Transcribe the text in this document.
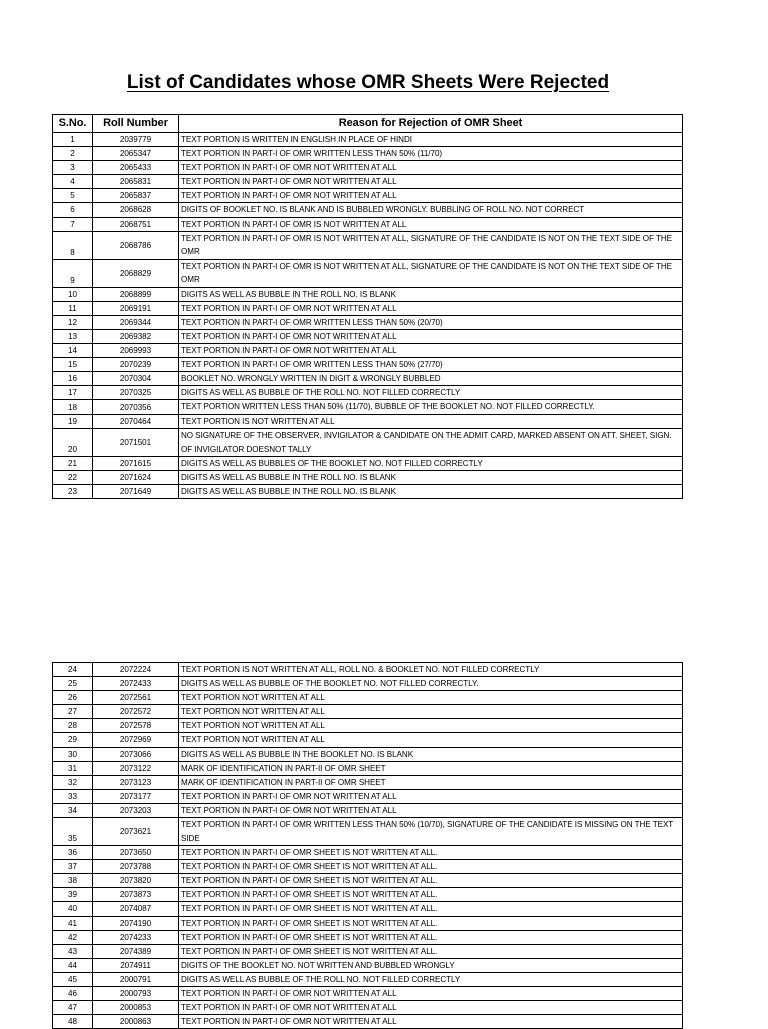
List of Candidates whose OMR Sheets Were Rejected
S.No.	Roll Number	Reason for Rejection of OMR Sheet
1	2039779	TEXT PORTION IS WRITTEN IN ENGLISH IN PLACE OF HINDI
2	2065347	TEXT PORTION IN PART-I OF OMR WRITTEN LESS THAN 50% (11/70)
3	2065433	TEXT PORTION IN PART-I OF OMR NOT WRITTEN AT ALL
4	2065831	TEXT PORTION IN PART-I OF OMR NOT WRITTEN AT ALL
5	2065837	TEXT PORTION IN PART-I OF OMR NOT WRITTEN AT ALL
6	2068628	DIGITS OF BOOKLET NO. IS BLANK AND IS BUBBLED WRONGLY. BUBBLING OF ROLL NO. NOT CORRECT
7	2068751	TEXT PORTION IN PART-I OF OMR IS NOT WRITTEN AT ALL
8	2068786	TEXT PORTION IN PART-I OF OMR IS NOT WRITTEN AT ALL, SIGNATURE OF THE CANDIDATE IS NOT ON THE TEXT SIDE OF THE OMR
9	2068829	TEXT PORTION IN PART-I OF OMR IS NOT WRITTEN AT ALL, SIGNATURE OF THE CANDIDATE IS NOT ON THE TEXT SIDE OF THE OMR
10	2068899	DIGITS AS WELL AS BUBBLE IN THE ROLL NO. IS BLANK
11	2069191	TEXT PORTION IN PART-I OF OMR NOT WRITTEN AT ALL
12	2069344	TEXT PORTION IN PART-I OF OMR WRITTEN LESS THAN 50% (20/70)
13	2069382	TEXT PORTION IN PART-I OF OMR NOT WRITTEN AT ALL
14	2069993	TEXT PORTION IN PART-I OF OMR NOT WRITTEN AT ALL
15	2070239	TEXT PORTION IN PART-I OF OMR WRITTEN LESS THAN 50% (27/70)
16	2070304	BOOKLET NO. WRONGLY WRITTEN IN DIGIT & WRONGLY BUBBLED
17	2070325	DIGITS AS WELL AS BUBBLE OF THE ROLL NO. NOT FILLED CORRECTLY
18	2070356	TEXT PORTION WRITTEN LESS THAN 50% (11/70), BUBBLE OF THE BOOKLET NO. NOT FILLED CORRECTLY.
19	2070464	TEXT PORTION IS NOT WRITTEN AT ALL
20	2071501	NO SIGNATURE OF THE OBSERVER, INVIGILATOR & CANDIDATE ON THE ADMIT CARD, MARKED ABSENT ON ATT. SHEET, SIGN. OF INVIGILATOR DOESNOT TALLY
21	2071615	DIGITS AS WELL AS BUBBLES OF THE BOOKLET NO. NOT FILLED CORRECTLY
22	2071624	DIGITS AS WELL AS BUBBLE IN THE ROLL NO. IS BLANK
23	2071649	DIGITS AS WELL AS BUBBLE IN THE ROLL NO. IS BLANK
24	2072224	TEXT PORTION IS NOT WRITTEN AT ALL, ROLL NO. & BOOKLET NO. NOT FILLED CORRECTLY
25	2072433	DIGITS AS WELL AS BUBBLE OF THE BOOKLET NO. NOT FILLED CORRECTLY.
26	2072561	TEXT PORTION NOT WRITTEN AT ALL
27	2072572	TEXT PORTION NOT WRITTEN AT ALL
28	2072578	TEXT PORTION NOT WRITTEN AT ALL
29	2072969	TEXT PORTION NOT WRITTEN AT ALL
30	2073066	DIGITS AS WELL AS BUBBLE IN THE BOOKLET NO. IS BLANK
31	2073122	MARK OF IDENTIFICATION IN PART-II OF OMR SHEET
32	2073123	MARK OF IDENTIFICATION IN PART-II OF OMR SHEET
33	2073177	TEXT PORTION IN PART-I OF OMR NOT WRITTEN AT ALL
34	2073203	TEXT PORTION IN PART-I OF OMR NOT WRITTEN AT ALL
35	2073621	TEXT PORTION IN PART-I OF OMR WRITTEN LESS THAN 50% (10/70), SIGNATURE OF THE CANDIDATE IS MISSING ON THE TEXT SIDE
36	2073650	TEXT PORTION IN PART-I OF OMR SHEET IS NOT WRITTEN AT ALL.
37	2073788	TEXT PORTION IN PART-I OF OMR SHEET IS NOT WRITTEN AT ALL.
38	2073820	TEXT PORTION IN PART-I OF OMR SHEET IS NOT WRITTEN AT ALL.
39	2073873	TEXT PORTION IN PART-I OF OMR SHEET IS NOT WRITTEN AT ALL.
40	2074087	TEXT PORTION IN PART-I OF OMR SHEET IS NOT WRITTEN AT ALL.
41	2074190	TEXT PORTION IN PART-I OF OMR SHEET IS NOT WRITTEN AT ALL.
42	2074233	TEXT PORTION IN PART-I OF OMR SHEET IS NOT WRITTEN AT ALL.
43	2074389	TEXT PORTION IN PART-I OF OMR SHEET IS NOT WRITTEN AT ALL.
44	2074911	DIGITS OF THE BOOKLET NO. NOT WRITTEN AND BUBBLED WRONGLY
45	2000791	DIGITS AS WELL AS BUBBLE OF THE ROLL NO. NOT FILLED CORRECTLY
46	2000793	TEXT PORTION IN PART-I OF OMR NOT WRITTEN AT ALL
47	2000853	TEXT PORTION IN PART-I OF OMR NOT WRITTEN AT ALL
48	2000863	TEXT PORTION IN PART-I OF OMR NOT WRITTEN AT ALL
